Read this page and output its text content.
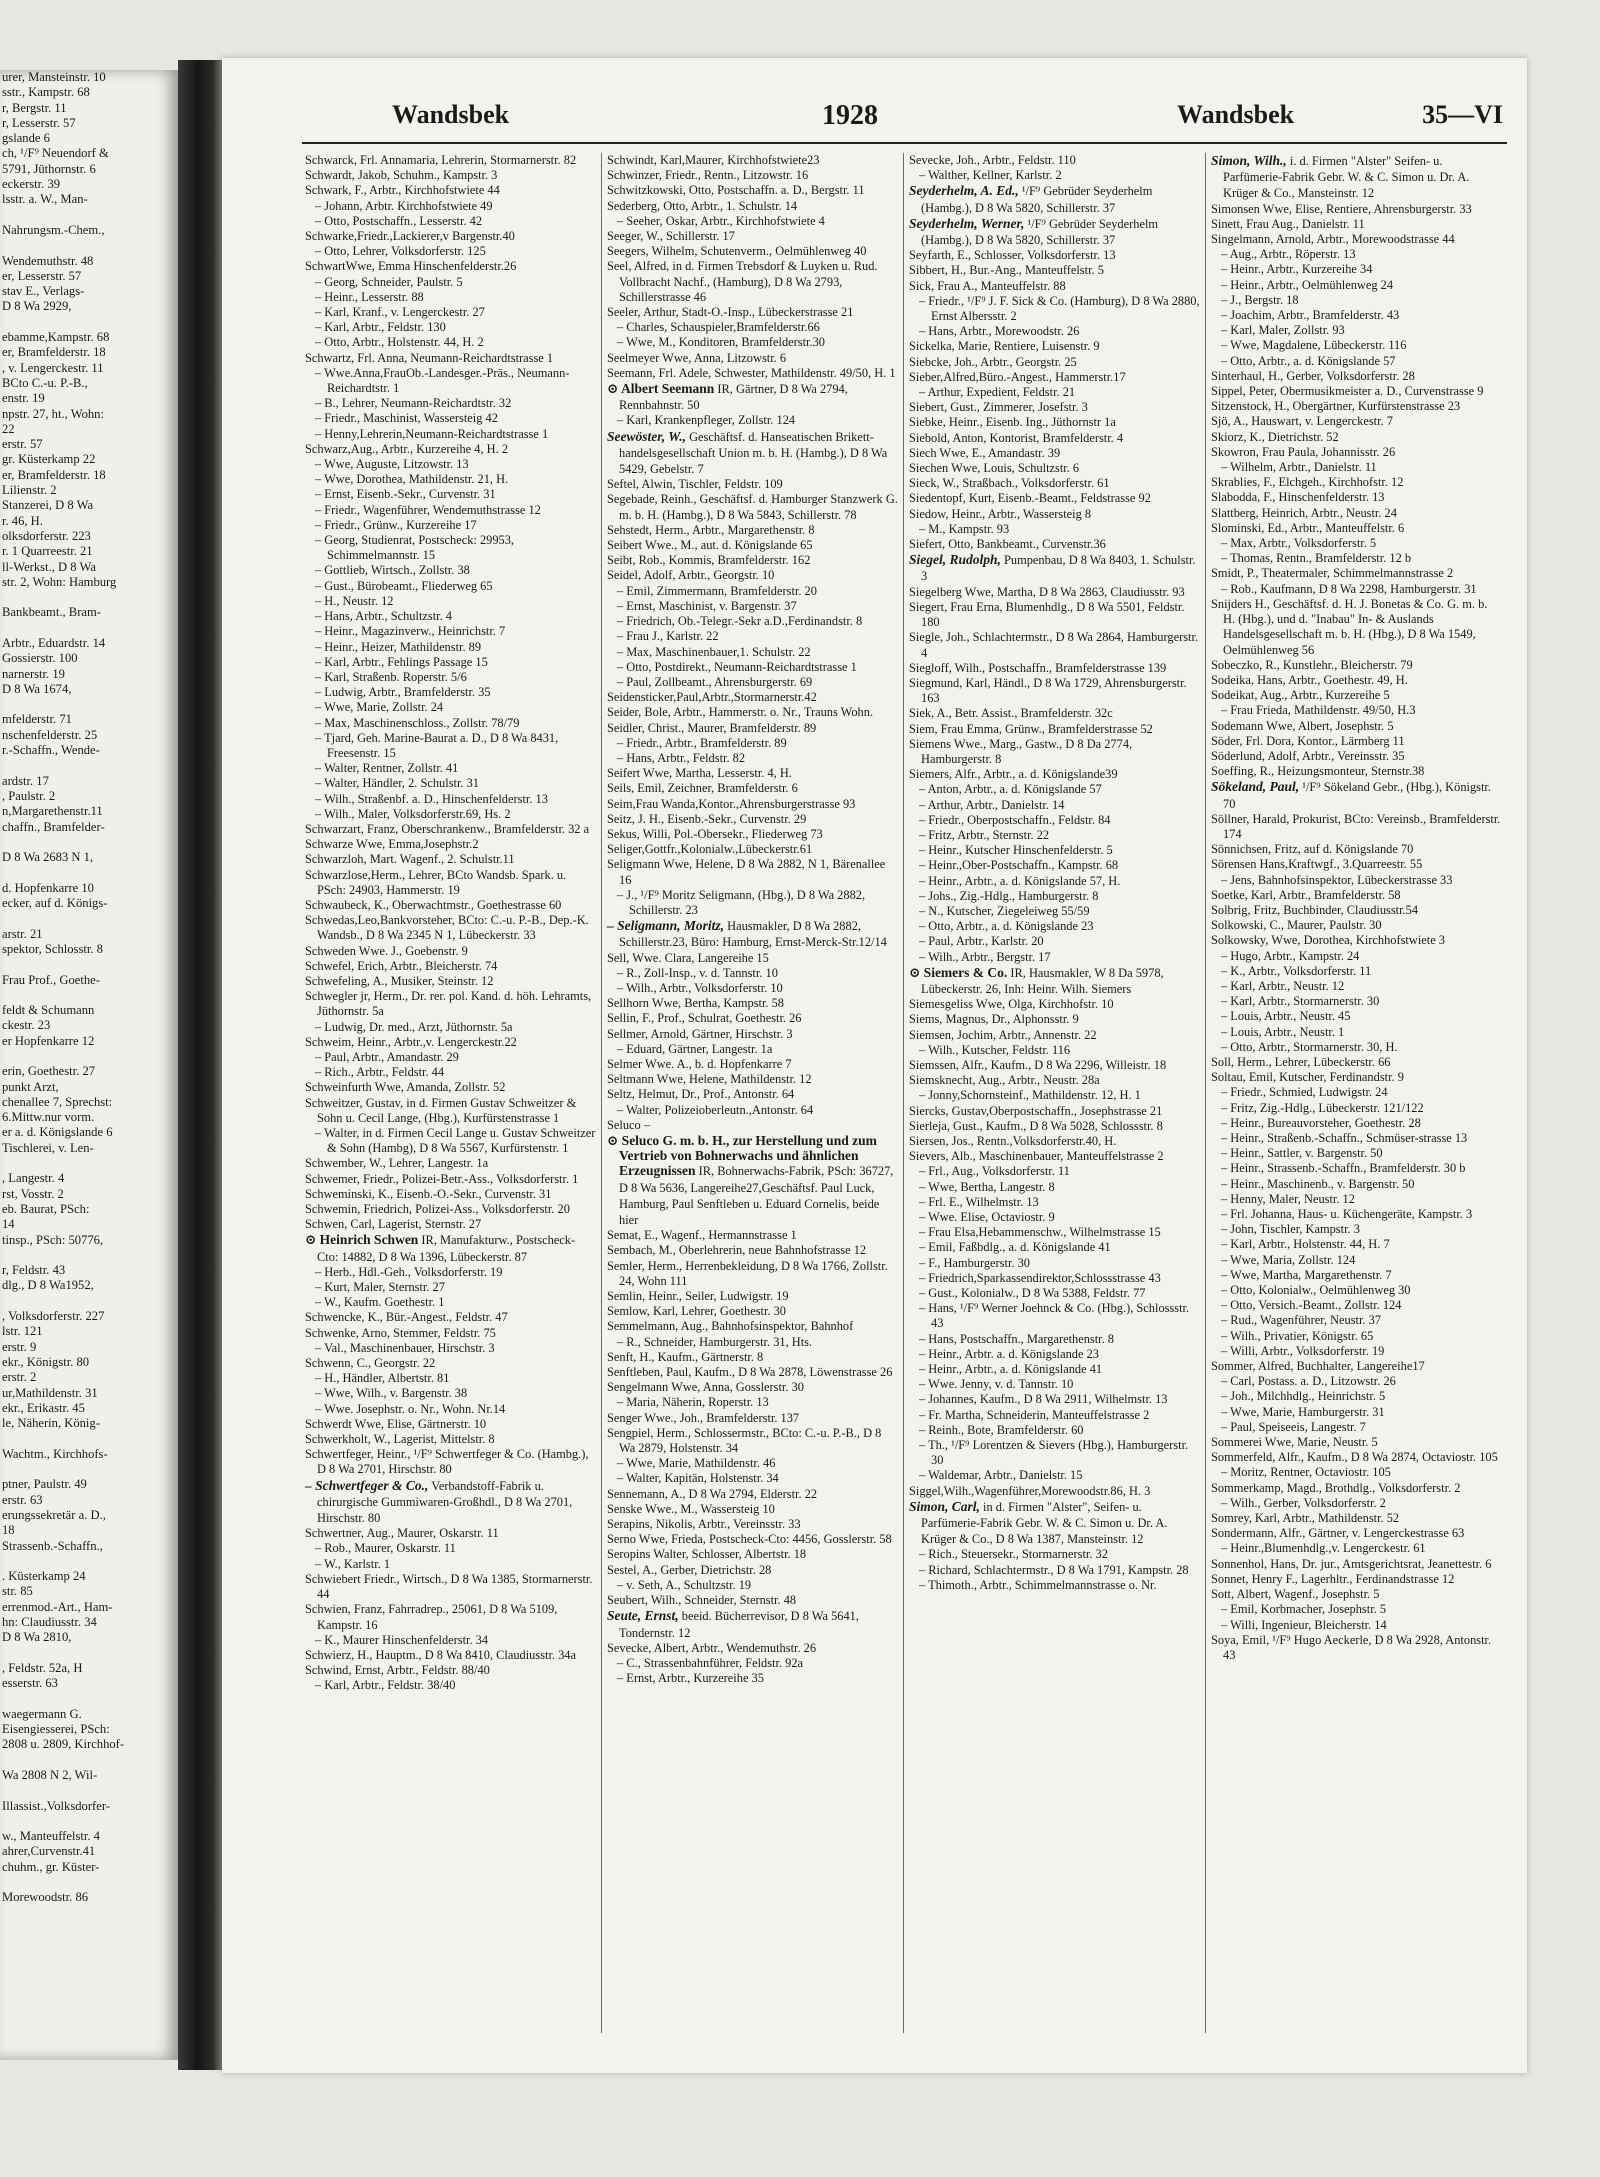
urer, Mansteinstr. 10
sstr., Kampstr. 68
r, Bergstr. 11
r, Lesserstr. 57
gslande 6
ch, ¹/F⁹ Neuendorf &
5791, Jüthornstr. 6
eckerstr. 39
lsstr. a. W., Man-

Nahrungsm.-Chem.,

Wendemuthstr. 48
er, Lesserstr. 57
stav E., Verlags-
D 8 Wa 2929,

ebamme,Kampstr. 68
er, Bramfelderstr. 18
, v. Lengerckestr. 11
BCto C.-u. P.-B.,
enstr. 19
npstr. 27, ht., Wohn:
22
erstr. 57
gr. Küsterkamp 22
er, Bramfelderstr. 18
Lilienstr. 2
Stanzerei, D 8 Wa
r. 46, H.
olksdorferstr. 223
r. 1 Quarreestr. 21
ll-Werkst., D 8 Wa
str. 2, Wohn: Hamburg

Bankbeamt., Bram-

Arbtr., Eduardstr. 14
Gossierstr. 100
narnerstr. 19
D 8 Wa 1674,

mfelderstr. 71
nschenfelderstr. 25
r.-Schaffn., Wende-

ardstr. 17
, Paulstr. 2
n,Margarethenstr.11
chaffn., Bramfelder-

D 8 Wa 2683 N 1,

d. Hopfenkarre 10
ecker, auf d. Königs-

arstr. 21
spektor, Schlosstr. 8

Frau Prof., Goethe-

feldt & Schumann
ckestr. 23
er Hopfenkarre 12

erin, Goethestr. 27
punkt Arzt,
chenallee 7, Sprechst:
6.Mittw.nur vorm.
er a. d. Königslande 6
Tischlerei, v. Len-

, Langestr. 4
rst, Vosstr. 2
eb. Baurat, PSch:
14
tinsp., PSch: 50776,

r, Feldstr. 43
dlg., D 8 Wa1952,

, Volksdorferstr. 227
lstr. 121
erstr. 9
ekr., Königstr. 80
erstr. 2
ur,Mathildenstr. 31
ekr., Erikastr. 45
le, Näherin, König-

Wachtm., Kirchhofs-

ptner, Paulstr. 49
erstr. 63
erungssekretär a. D.,
18
Strassenb.-Schaffn.,

. Küsterkamp 24
str. 85
errenmod.-Art., Ham-
hn: Claudiusstr. 34
D 8 Wa 2810,

, Feldstr. 52a, H
esserstr. 63

waegermann G.
Eisengiesserei, PSch:
2808 u. 2809, Kirchhof-

Wa 2808 N 2, Wil-

Illassist.,Volksdorfer-

w., Manteuffelstr. 4
ahrer,Curvenstr.41
chuhm., gr. Küster-

Morewoodstr. 86
Wandsbek	1928	Wandsbek	35—VI
Schwarck, Frl. Annamaria, Lehrerin, Stormarnerstr. 82
Schwardt, Jakob, Schuhm., Kampstr. 3
Schwark, F., Arbtr., Kirchhofstwiete 44
– Johann, Arbtr. Kirchhofstwiete 49
– Otto, Postschaffn., Lesserstr. 42
Schwarke,Friedr.,Lackierer,v Bargenstr.40
– Otto, Lehrer, Volksdorferstr. 125
SchwartWwe, Emma Hinschenfelderstr.26
– Georg, Schneider, Paulstr. 5
– Heinr., Lesserstr. 88
– Karl, Kranf., v. Lengerckestr. 27
– Karl, Arbtr., Feldstr. 130
– Otto, Arbtr., Holstenstr. 44, H. 2
Schwartz, Frl. Anna, Neumann-Reichardtstrasse 1
– Wwe.Anna,FrauOb.-Landesger.-Präs., Neumann-Reichardtstr. 1
– B., Lehrer, Neumann-Reichardtstr. 32
– Friedr., Maschinist, Wassersteig 42
– Henny,Lehrerin,Neumann-Reichardtstrasse 1
Schwarz,Aug., Arbtr., Kurzereihe 4, H. 2
– Wwe, Auguste, Litzowstr. 13
– Wwe, Dorothea, Mathildenstr. 21, H.
– Ernst, Eisenb.-Sekr., Curvenstr. 31
– Friedr., Wagenführer, Wendemuthstrasse 12
– Friedr., Grünw., Kurzereihe 17
– Georg, Studienrat, Postscheck: 29953, Schimmelmannstr. 15
– Gottlieb, Wirtsch., Zollstr. 38
– Gust., Bürobeamt., Fliederweg 65
– H., Neustr. 12
– Hans, Arbtr., Schultzstr. 4
– Heinr., Magazinverw., Heinrichstr. 7
– Heinr., Heizer, Mathildenstr. 89
– Karl, Arbtr., Fehlings Passage 15
– Karl, Straßenb. Roperstr. 5/6
– Ludwig, Arbtr., Bramfelderstr. 35
– Wwe, Marie, Zollstr. 24
– Max, Maschinenschloss., Zollstr. 78/79
– Tjard, Geh. Marine-Baurat a. D., D 8 Wa 8431, Freesenstr. 15
– Walter, Rentner, Zollstr. 41
– Walter, Händler, 2. Schulstr. 31
– Wilh., Straßenbf. a. D., Hinschenfelderstr. 13
– Wilh., Maler, Volksdorferstr.69, Hs. 2
Schwarzart, Franz, Oberschrankenw., Bramfelderstr. 32 a
Schwarze Wwe, Emma,Josephstr.2
Schwarzloh, Mart. Wagenf., 2. Schulstr.11
Schwarzlose,Herm., Lehrer, BCto Wandsb. Spark. u. PSch: 24903, Hammerstr. 19
Schwaubeck, K., Oberwachtmstr., Goethestrasse 60
Schwedas,Leo,Bankvorsteher, BCto: C.-u. P.-B., Dep.-K. Wandsb., D 8 Wa 2345 N 1, Lübeckerstr. 33
Schweden Wwe. J., Goebenstr. 9
Schwefel, Erich, Arbtr., Bleicherstr. 74
Schwefeling, A., Musiker, Steinstr. 12
Schwegler jr, Herm., Dr. rer. pol. Kand. d. höh. Lehramts, Jüthornstr. 5a
– Ludwig, Dr. med., Arzt, Jüthornstr. 5a
Schweim, Heinr., Arbtr.,v. Lengerckestr.22
– Paul, Arbtr., Amandastr. 29
– Rich., Arbtr., Feldstr. 44
Schweinfurth Wwe, Amanda, Zollstr. 52
Schweitzer, Gustav, in d. Firmen Gustav Schweitzer & Sohn u. Cecil Lange, (Hbg.), Kurfürstenstrasse 1
– Walter, in d. Firmen Cecil Lange u. Gustav Schweitzer & Sohn (Hambg), D 8 Wa 5567, Kurfürstenstr. 1
Schwember, W., Lehrer, Langestr. 1a
Schwemer, Friedr., Polizei-Betr.-Ass., Volksdorferstr. 1
Schweminski, K., Eisenb.-O.-Sekr., Curvenstr. 31
Schwemin, Friedrich, Polizei-Ass., Volksdorferstr. 20
Schwen, Carl, Lagerist, Sternstr. 27
⊙ Heinrich Schwen IR, Manufakturw., Postscheck-Cto: 14882, D 8 Wa 1396, Lübeckerstr. 87
– Herb., Hdl.-Geh., Volksdorferstr. 19
– Kurt, Maler, Sternstr. 27
– W., Kaufm. Goethestr. 1
Schwencke, K., Bür.-Angest., Feldstr. 47
Schwenke, Arno, Stemmer, Feldstr. 75
– Val., Maschinenbauer, Hirschstr. 3
Schwenn, C., Georgstr. 22
– H., Händler, Albertstr. 81
– Wwe, Wilh., v. Bargenstr. 38
– Wwe. Josephstr. o. Nr., Wohn. Nr.14
Schwerdt Wwe, Elise, Gärtnerstr. 10
Schwerkholt, W., Lagerist, Mittelstr. 8
Schwertfeger, Heinr., ¹/F⁹ Schwertfeger & Co. (Hambg.), D 8 Wa 2701, Hirschstr. 80
– Schwertfeger & Co., Verbandstoff-Fabrik u. chirurgische Gummiwaren-Großhdl., D 8 Wa 2701, Hirschstr. 80
Schwertner, Aug., Maurer, Oskarstr. 11
– Rob., Maurer, Oskarstr. 11
– W., Karlstr. 1
Schwiebert Friedr., Wirtsch., D 8 Wa 1385, Stormarnerstr. 44
Schwien, Franz, Fahrradrep., 25061, D 8 Wa 5109, Kampstr. 16
– K., Maurer Hinschenfelderstr. 34
Schwierz, H., Hauptm., D 8 Wa 8410, Claudiusstr. 34a
Schwind, Ernst, Arbtr., Feldstr. 88/40
– Karl, Arbtr., Feldstr. 38/40
Schwindt, Karl,Maurer, Kirchhofstwiete23
Schwinzer, Friedr., Rentn., Litzowstr. 16
Schwitzkowski, Otto, Postschaffn. a. D., Bergstr. 11
Sederberg, Otto, Arbtr., 1. Schulstr. 14
– Seeher, Oskar, Arbtr., Kirchhofstwiete 4
Seeger, W., Schillerstr. 17
Seegers, Wilhelm, Schutenverm., Oelmühlenweg 40
Seel, Alfred, in d. Firmen Trebsdorf & Luyken u. Rud. Vollbracht Nachf., (Hamburg), D 8 Wa 2793, Schillerstrasse 46
Seeler, Arthur, Stadt-O.-Insp., Lübeckerstrasse 21
– Charles, Schauspieler,Bramfelderstr.66
– Wwe, M., Konditoren, Bramfelderstr.30
Seelmeyer Wwe, Anna, Litzowstr. 6
Seemann, Frl. Adele, Schwester, Mathildenstr. 49/50, H. 1
⊙ Albert Seemann IR, Gärtner, D 8 Wa 2794, Rennbahnstr. 50
– Karl, Krankenpfleger, Zollstr. 124
Seewöster, W., Geschäftsf. d. Hanseatischen Brikett-handelsgesellschaft Union m. b. H. (Hambg.), D 8 Wa 5429, Gebelstr. 7
Seftel, Alwin, Tischler, Feldstr. 109
Segebade, Reinh., Geschäftsf. d. Hamburger Stanzwerk G. m. b. H. (Hambg.), D 8 Wa 5843, Schillerstr. 78
Sehstedt, Herm., Arbtr., Margarethenstr. 8
Seibert Wwe., M., aut. d. Königslande 65
Seibt, Rob., Kommis, Bramfelderstr. 162
Seidel, Adolf, Arbtr., Georgstr. 10
– Emil, Zimmermann, Bramfelderstr. 20
– Ernst, Maschinist, v. Bargenstr. 37
– Friedrich, Ob.-Telegr.-Sekr a.D.,Ferdinandstr. 8
– Frau J., Karlstr. 22
– Max, Maschinenbauer,1. Schulstr. 22
– Otto, Postdirekt., Neumann-Reichardtstrasse 1
– Paul, Zollbeamt., Ahrensburgerstr. 69
Seidensticker,Paul,Arbtr.,Stormarnerstr.42
Seider, Bole, Arbtr., Hammerstr. o. Nr., Trauns Wohn.
Seidler, Christ., Maurer, Bramfelderstr. 89
– Friedr., Arbtr., Bramfelderstr. 89
– Hans, Arbtr., Feldstr. 82
Seifert Wwe, Martha, Lesserstr. 4, H.
Seils, Emil, Zeichner, Bramfelderstr. 6
Seim,Frau Wanda,Kontor.,Ahrensburgerstrasse 93
Seitz, J. H., Eisenb.-Sekr., Curvenstr. 29
Sekus, Willi, Pol.-Obersekr., Fliederweg 73
Seliger,Gottfr.,Kolonialw.,Lübeckerstr.61
Seligmann Wwe, Helene, D 8 Wa 2882, N 1, Bärenallee 16
– J., ¹/F⁹ Moritz Seligmann, (Hbg.), D 8 Wa 2882, Schillerstr. 23
– Seligmann, Moritz, Hausmakler, D 8 Wa 2882, Schillerstr.23, Büro: Hamburg, Ernst-Merck-Str.12/14
Sell, Wwe. Clara, Langereihe 15
– R., Zoll-Insp., v. d. Tannstr. 10
– Wilh., Arbtr., Volksdorferstr. 10
Sellhorn Wwe, Bertha, Kampstr. 58
Sellin, F., Prof., Schulrat, Goethestr. 26
Sellmer, Arnold, Gärtner, Hirschstr. 3
– Eduard, Gärtner, Langestr. 1a
Selmer Wwe. A., b. d. Hopfenkarre 7
Seltmann Wwe, Helene, Mathildenstr. 12
Seltz, Helmut, Dr., Prof., Antonstr. 64
– Walter, Polizeioberleutn.,Antonstr. 64
Seluco –
⊙ Seluco G. m. b. H., zur Herstellung und zum Vertrieb von Bohnerwachs und ähnlichen Erzeugnissen IR, Bohnerwachs-Fabrik, PSch: 36727, D 8 Wa 5636, Langereihe27,Geschäftsf. Paul Luck, Hamburg, Paul Senftleben u. Eduard Cornelis, beide hier
Semat, E., Wagenf., Hermannstrasse 1
Sembach, M., Oberlehrerin, neue Bahnhofstrasse 12
Semler, Herm., Herrenbekleidung, D 8 Wa 1766, Zollstr. 24, Wohn 111
Semlin, Heinr., Seiler, Ludwigstr. 19
Semlow, Karl, Lehrer, Goethestr. 30
Semmelmann, Aug., Bahnhofsinspektor, Bahnhof
– R., Schneider, Hamburgerstr. 31, Hts.
Senft, H., Kaufm., Gärtnerstr. 8
Senftleben, Paul, Kaufm., D 8 Wa 2878, Löwenstrasse 26
Sengelmann Wwe, Anna, Gosslerstr. 30
– Maria, Näherin, Roperstr. 13
Senger Wwe., Joh., Bramfelderstr. 137
Sengpiel, Herm., Schlossermstr., BCto: C.-u. P.-B., D 8 Wa 2879, Holstenstr. 34
– Wwe, Marie, Mathildenstr. 46
– Walter, Kapitän, Holstenstr. 34
Sennemann, A., D 8 Wa 2794, Elderstr. 22
Senske Wwe., M., Wassersteig 10
Serapins, Nikolis, Arbtr., Vereinsstr. 33
Serno Wwe, Frieda, Postscheck-Cto: 4456, Gosslerstr. 58
Seropins Walter, Schlosser, Albertstr. 18
Sestel, A., Gerber, Dietrichstr. 28
– v. Seth, A., Schultzstr. 19
Seubert, Wilh., Schneider, Sternstr. 48
Seute, Ernst, beeid. Bücherrevisor, D 8 Wa 5641, Tondernstr. 12
Sevecke, Albert, Arbtr., Wendemuthstr. 26
– C., Strassenbahnführer, Feldstr. 92a
– Ernst, Arbtr., Kurzereihe 35
Sevecke, Joh., Arbtr., Feldstr. 110
– Walther, Kellner, Karlstr. 2
Seyderhelm, A. Ed., ¹/F⁹ Gebrüder Seyderhelm (Hambg.), D 8 Wa 5820, Schillerstr. 37
Seyderhelm, Werner, ¹/F⁹ Gebrüder Seyderhelm (Hambg.), D 8 Wa 5820, Schillerstr. 37
Seyfarth, E., Schlosser, Volksdorferstr. 13
Sibbert, H., Bur.-Ang., Manteuffelstr. 5
Sick, Frau A., Manteuffelstr. 88
– Friedr., ¹/F⁹ J. F. Sick & Co. (Hamburg), D 8 Wa 2880, Ernst Albersstr. 2
– Hans, Arbtr., Morewoodstr. 26
Sickelka, Marie, Rentiere, Luisenstr. 9
Siebcke, Joh., Arbtr., Georgstr. 25
Sieber,Alfred,Büro.-Angest., Hammerstr.17
– Arthur, Expedient, Feldstr. 21
Siebert, Gust., Zimmerer, Josefstr. 3
Siebke, Heinr., Eisenb. Ing., Jüthornstr 1a
Siebold, Anton, Kontorist, Bramfelderstr. 4
Siech Wwe, E., Amandastr. 39
Siechen Wwe, Louis, Schultzstr. 6
Sieck, W., Straßbach., Volksdorferstr. 61
Siedentopf, Kurt, Eisenb.-Beamt., Feldstrasse 92
Siedow, Heinr., Arbtr., Wassersteig 8
– M., Kampstr. 93
Siefert, Otto, Bankbeamt., Curvenstr.36
Siegel, Rudolph, Pumpenbau, D 8 Wa 8403, 1. Schulstr. 3
Siegelberg Wwe, Martha, D 8 Wa 2863, Claudiusstr. 93
Siegert, Frau Erna, Blumenhdlg., D 8 Wa 5501, Feldstr. 180
Siegle, Joh., Schlachtermstr., D 8 Wa 2864, Hamburgerstr. 4
Siegloff, Wilh., Postschaffn., Bramfelderstrasse 139
Siegmund, Karl, Händl., D 8 Wa 1729, Ahrensburgerstr. 163
Siek, A., Betr. Assist., Bramfelderstr. 32c
Siem, Frau Emma, Grünw., Bramfelderstrasse 52
Siemens Wwe., Marg., Gastw., D 8 Da 2774, Hamburgerstr. 8
Siemers, Alfr., Arbtr., a. d. Königslande39
– Anton, Arbtr., a. d. Königslande 57
– Arthur, Arbtr., Danielstr. 14
– Friedr., Oberpostschaffn., Feldstr. 84
– Fritz, Arbtr., Sternstr. 22
– Heinr., Kutscher Hinschenfelderstr. 5
– Heinr.,Ober-Postschaffn., Kampstr. 68
– Heinr., Arbtr., a. d. Königslande 57, H.
– Johs., Zig.-Hdlg., Hamburgerstr. 8
– N., Kutscher, Ziegeleiweg 55/59
– Otto, Arbtr., a. d. Königslande 23
– Paul, Arbtr., Karlstr. 20
– Wilh., Arbtr., Bergstr. 17
⊙ Siemers & Co. IR, Hausmakler, W 8 Da 5978, Lübeckerstr. 26, Inh: Heinr. Wilh. Siemers
Siemesgeliss Wwe, Olga, Kirchhofstr. 10
Siems, Magnus, Dr., Alphonsstr. 9
Siemsen, Jochim, Arbtr., Annenstr. 22
– Wilh., Kutscher, Feldstr. 116
Siemssen, Alfr., Kaufm., D 8 Wa 2296, Willeistr. 18
Siemsknecht, Aug., Arbtr., Neustr. 28a
– Jonny,Schornsteinf., Mathildenstr. 12, H. 1
Siercks, Gustav,Oberpostschaffn., Josephstrasse 21
Sierleja, Gust., Kaufm., D 8 Wa 5028, Schlossstr. 8
Siersen, Jos., Rentn.,Volksdorferstr.40, H.
Sievers, Alb., Maschinenbauer, Manteuffelstrasse 2
– Frl., Aug., Volksdorferstr. 11
– Wwe, Bertha, Langestr. 8
– Frl. E., Wilhelmstr. 13
– Wwe. Elise, Octaviostr. 9
– Frau Elsa,Hebammenschw., Wilhelmstrasse 15
– Emil, Faßbdlg., a. d. Königslande 41
– F., Hamburgerstr. 30
– Friedrich,Sparkassendirektor,Schlossstrasse 43
– Gust., Kolonialw., D 8 Wa 5388, Feldstr. 77
– Hans, ¹/F⁹ Werner Joehnck & Co. (Hbg.), Schlossstr. 43
– Hans, Postschaffn., Margarethenstr. 8
– Heinr., Arbtr. a. d. Königslande 23
– Heinr., Arbtr., a. d. Königslande 41
– Wwe. Jenny, v. d. Tannstr. 10
– Johannes, Kaufm., D 8 Wa 2911, Wilhelmstr. 13
– Fr. Martha, Schneiderin, Manteuffelstrasse 2
– Reinh., Bote, Bramfelderstr. 60
– Th., ¹/F⁹ Lorentzen & Sievers (Hbg.), Hamburgerstr. 30
– Waldemar, Arbtr., Danielstr. 15
Siggel,Wilh.,Wagenführer,Morewoodstr.86, H. 3
Simon, Carl, in d. Firmen "Alster", Seifen- u. Parfümerie-Fabrik Gebr. W. & C. Simon u. Dr. A. Krüger & Co., D 8 Wa 1387, Mansteinstr. 12
– Rich., Steuersekr., Stormarnerstr. 32
– Richard, Schlachtermstr., D 8 Wa 1791, Kampstr. 28
– Thimoth., Arbtr., Schimmelmannstrasse o. Nr.
Simon, Wilh., i. d. Firmen "Alster" Seifen- u. Parfümerie-Fabrik Gebr. W. & C. Simon u. Dr. A. Krüger & Co., Mansteinstr. 12
Simonsen Wwe, Elise, Rentiere, Ahrensburgerstr. 33
Sinett, Frau Aug., Danielstr. 11
Singelmann, Arnold, Arbtr., Morewoodstrasse 44
– Aug., Arbtr., Röperstr. 13
– Heinr., Arbtr., Kurzereihe 34
– Heinr., Arbtr., Oelmühlenweg 24
– J., Bergstr. 18
– Joachim, Arbtr., Bramfelderstr. 43
– Karl, Maler, Zollstr. 93
– Wwe, Magdalene, Lübeckerstr. 116
– Otto, Arbtr., a. d. Königslande 57
Sinterhaul, H., Gerber, Volksdorferstr. 28
Sippel, Peter, Obermusikmeister a. D., Curvenstrasse 9
Sitzenstock, H., Obergärtner, Kurfürstenstrasse 23
Sjö, A., Hauswart, v. Lengerckestr. 7
Skiorz, K., Dietrichstr. 52
Skowron, Frau Paula, Johannisstr. 26
– Wilhelm, Arbtr., Danielstr. 11
Skrablies, F., Elchgeh., Kirchhofstr. 12
Slabodda, F., Hinschenfelderstr. 13
Slattberg, Heinrich, Arbtr., Neustr. 24
Slominski, Ed., Arbtr., Manteuffelstr. 6
– Max, Arbtr., Volksdorferstr. 5
– Thomas, Rentn., Bramfelderstr. 12 b
Smidt, P., Theatermaler, Schimmelmannstrasse 2
– Rob., Kaufmann, D 8 Wa 2298, Hamburgerstr. 31
Snijders H., Geschäftsf. d. H. J. Bonetas & Co. G. m. b. H. (Hbg.), und d. "Inabau" In- & Auslands Handelsgesellschaft m. b. H. (Hbg.), D 8 Wa 1549, Oelmühlenweg 56
Sobeczko, R., Kunstlehr., Bleicherstr. 79
Sodeika, Hans, Arbtr., Goethestr. 49, H.
Sodeikat, Aug., Arbtr., Kurzereihe 5
– Frau Frieda, Mathildenstr. 49/50, H.3
Sodemann Wwe, Albert, Josephstr. 5
Söder, Frl. Dora, Kontor., Lärmberg 11
Söderlund, Adolf, Arbtr., Vereinsstr. 35
Soeffing, R., Heizungsmonteur, Sternstr.38
Sökeland, Paul, ¹/F⁹ Sökeland Gebr., (Hbg.), Königstr. 70
Söllner, Harald, Prokurist, BCto: Vereinsb., Bramfelderstr. 174
Sönnichsen, Fritz, auf d. Königslande 70
Sörensen Hans,Kraftwgf., 3.Quarreestr. 55
– Jens, Bahnhofsinspektor, Lübeckerstrasse 33
Soetke, Karl, Arbtr., Bramfelderstr. 58
Solbrig, Fritz, Buchbinder, Claudiusstr.54
Solkowski, C., Maurer, Paulstr. 30
Solkowsky, Wwe, Dorothea, Kirchhofstwiete 3
– Hugo, Arbtr., Kampstr. 24
– K., Arbtr., Volksdorferstr. 11
– Karl, Arbtr., Neustr. 12
– Karl, Arbtr., Stormarnerstr. 30
– Louis, Arbtr., Neustr. 45
– Louis, Arbtr., Neustr. 1
– Otto, Arbtr., Stormarnerstr. 30, H.
Soll, Herm., Lehrer, Lübeckerstr. 66
Soltau, Emil, Kutscher, Ferdinandstr. 9
– Friedr., Schmied, Ludwigstr. 24
– Fritz, Zig.-Hdlg., Lübeckerstr. 121/122
– Heinr., Bureauvorsteher, Goethestr. 28
– Heinr., Straßenb.-Schaffn., Schmüser-strasse 13
– Heinr., Sattler, v. Bargenstr. 50
– Heinr., Strassenb.-Schaffn., Bramfelderstr. 30 b
– Heinr., Maschinenb., v. Bargenstr. 50
– Henny, Maler, Neustr. 12
– Frl. Johanna, Haus- u. Küchengeräte, Kampstr. 3
– John, Tischler, Kampstr. 3
– Karl, Arbtr., Holstenstr. 44, H. 7
– Wwe, Maria, Zollstr. 124
– Wwe, Martha, Margarethenstr. 7
– Otto, Kolonialw., Oelmühlenweg 30
– Otto, Versich.-Beamt., Zollstr. 124
– Rud., Wagenführer, Neustr. 37
– Wilh., Privatier, Königstr. 65
– Willi, Arbtr., Volksdorferstr. 19
Sommer, Alfred, Buchhalter, Langereihe17
– Carl, Postass. a. D., Litzowstr. 26
– Joh., Milchhdlg., Heinrichstr. 5
– Wwe, Marie, Hamburgerstr. 31
– Paul, Speiseeis, Langestr. 7
Sommerei Wwe, Marie, Neustr. 5
Sommerfeld, Alfr., Kaufm., D 8 Wa 2874, Octaviostr. 105
– Moritz, Rentner, Octaviostr. 105
Sommerkamp, Magd., Brothdlg., Volksdorferstr. 2
– Wilh., Gerber, Volksdorferstr. 2
Somrey, Karl, Arbtr., Mathildenstr. 52
Sondermann, Alfr., Gärtner, v. Lengerckestrasse 63
– Heinr.,Blumenhdlg.,v. Lengerckestr. 61
Sonnenhol, Hans, Dr. jur., Amtsgerichtsrat, Jeanettestr. 6
Sonnet, Henry F., Lagerhltr., Ferdinandstrasse 12
Sott, Albert, Wagenf., Josephstr. 5
– Emil, Korbmacher, Josephstr. 5
– Willi, Ingenieur, Bleicherstr. 14
Soya, Emil, ¹/F⁹ Hugo Aeckerle, D 8 Wa 2928, Antonstr. 43
